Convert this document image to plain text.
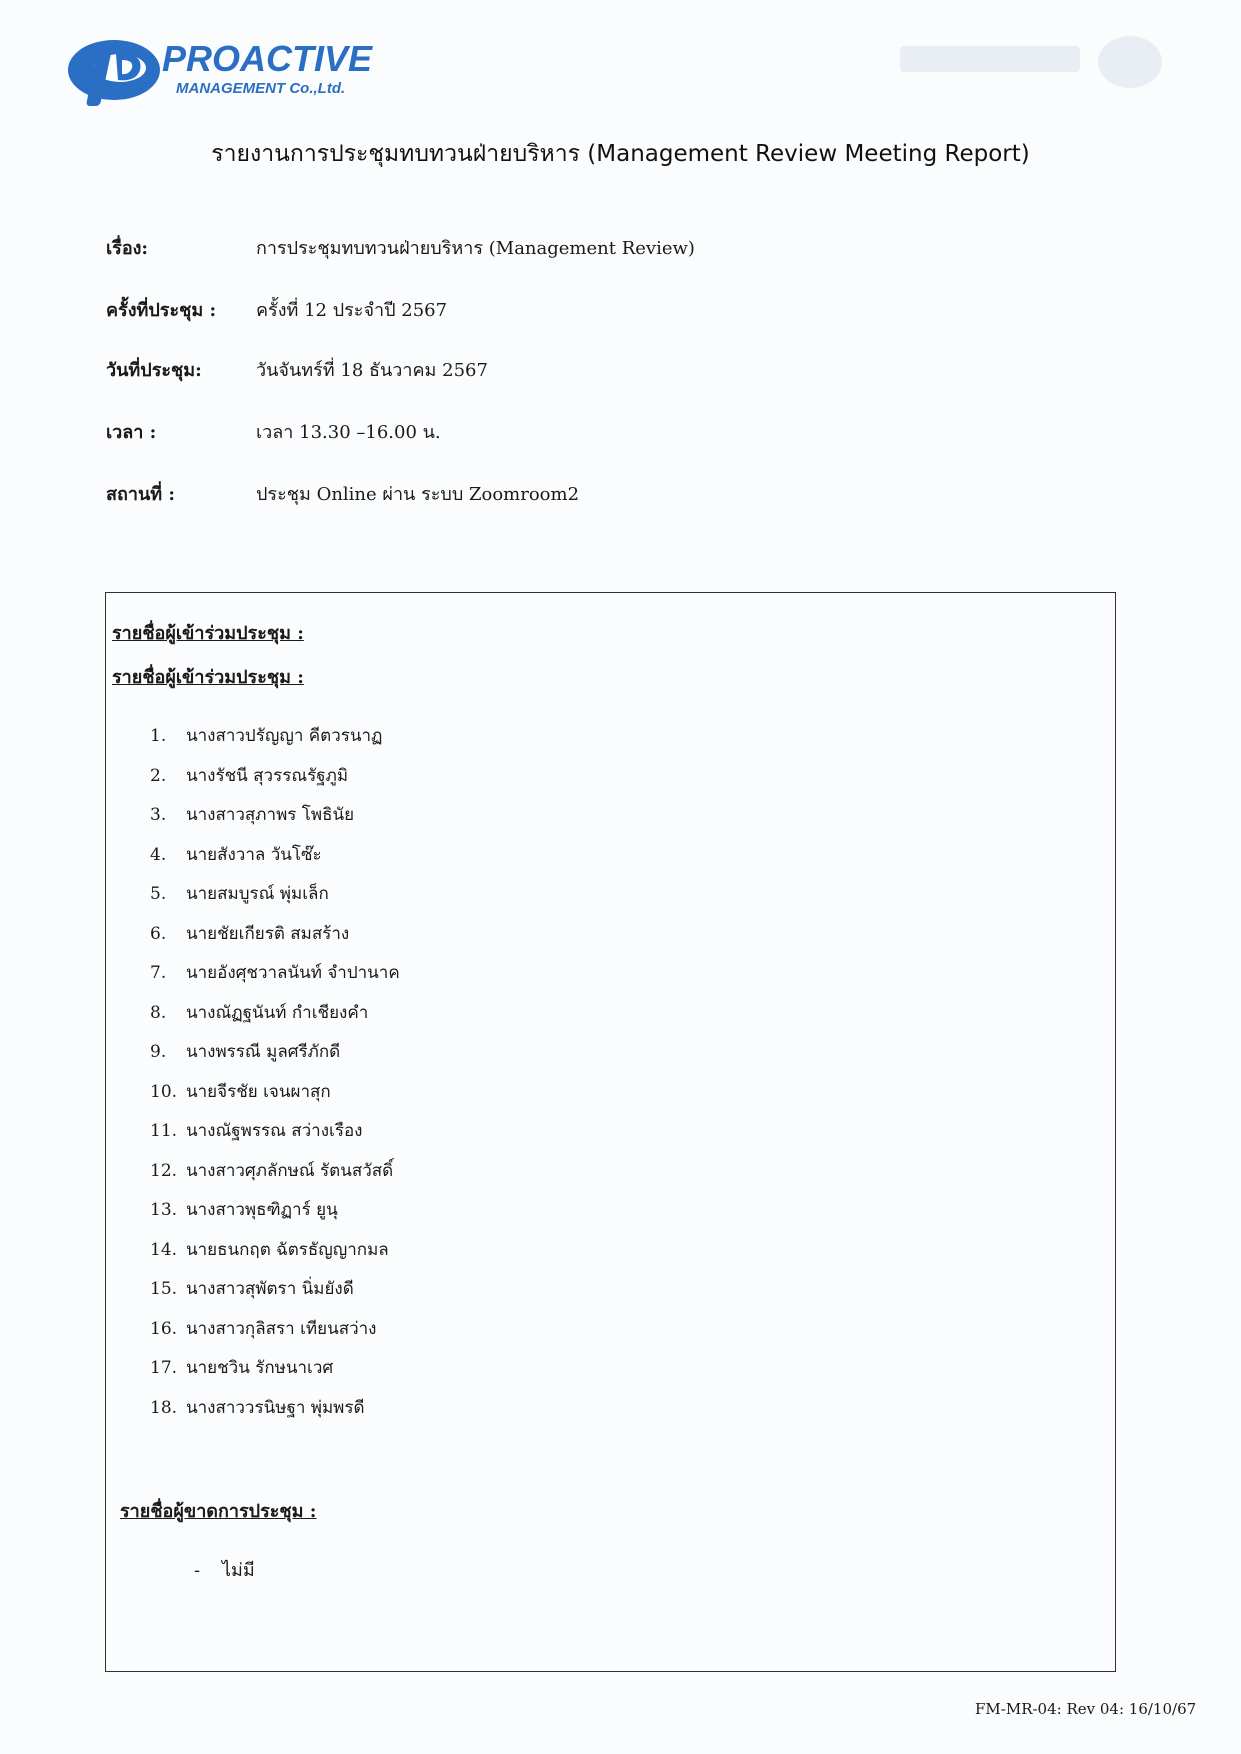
PROACTIVE
MANAGEMENT Co.,Ltd.
รายงานการประชุมทบทวนฝ่ายบริหาร (Management Review Meeting Report)
เรื่อง:	การประชุมทบทวนฝ่ายบริหาร (Management Review)
ครั้งที่ประชุม :	ครั้งที่ 12 ประจำปี 2567
วันที่ประชุม:	วันจันทร์ที่ 18 ธันวาคม 2567
เวลา :	เวลา 13.30 –16.00 น.
สถานที่ :	ประชุม Online ผ่าน ระบบ Zoomroom2
รายชื่อผู้เข้าร่วมประชุม :
รายชื่อผู้เข้าร่วมประชุม :
1.	นางสาวปรัญญา คีตวรนาฏ
2.	นางรัชนี สุวรรณรัฐภูมิ
3.	นางสาวสุภาพร โพธินัย
4.	นายสังวาล วันโซ๊ะ
5.	นายสมบูรณ์ พุ่มเล็ก
6.	นายชัยเกียรติ สมสร้าง
7.	นายอังศุชวาลนันท์ จำปานาค
8.	นางณัฏฐนันท์ กำเชียงคำ
9.	นางพรรณี มูลศรีภักดี
10. นายจีรชัย เจนผาสุก
11. นางณัฐพรรณ สว่างเรือง
12. นางสาวศุภลักษณ์ รัตนสวัสดิ์
13. นางสาวพุธฑิฏาร์ ยูนุ
14. นายธนกฤต ฉัตรธัญญากมล
15. นางสาวสุพัตรา นิ่มยังดี
16. นางสาวกุลิสรา เทียนสว่าง
17. นายชวิน รักษนาเวศ
18. นางสาววรนิษฐา พุ่มพรดี
รายชื่อผู้ขาดการประชุม :
- ไม่มี
FM-MR-04: Rev 04: 16/10/67
